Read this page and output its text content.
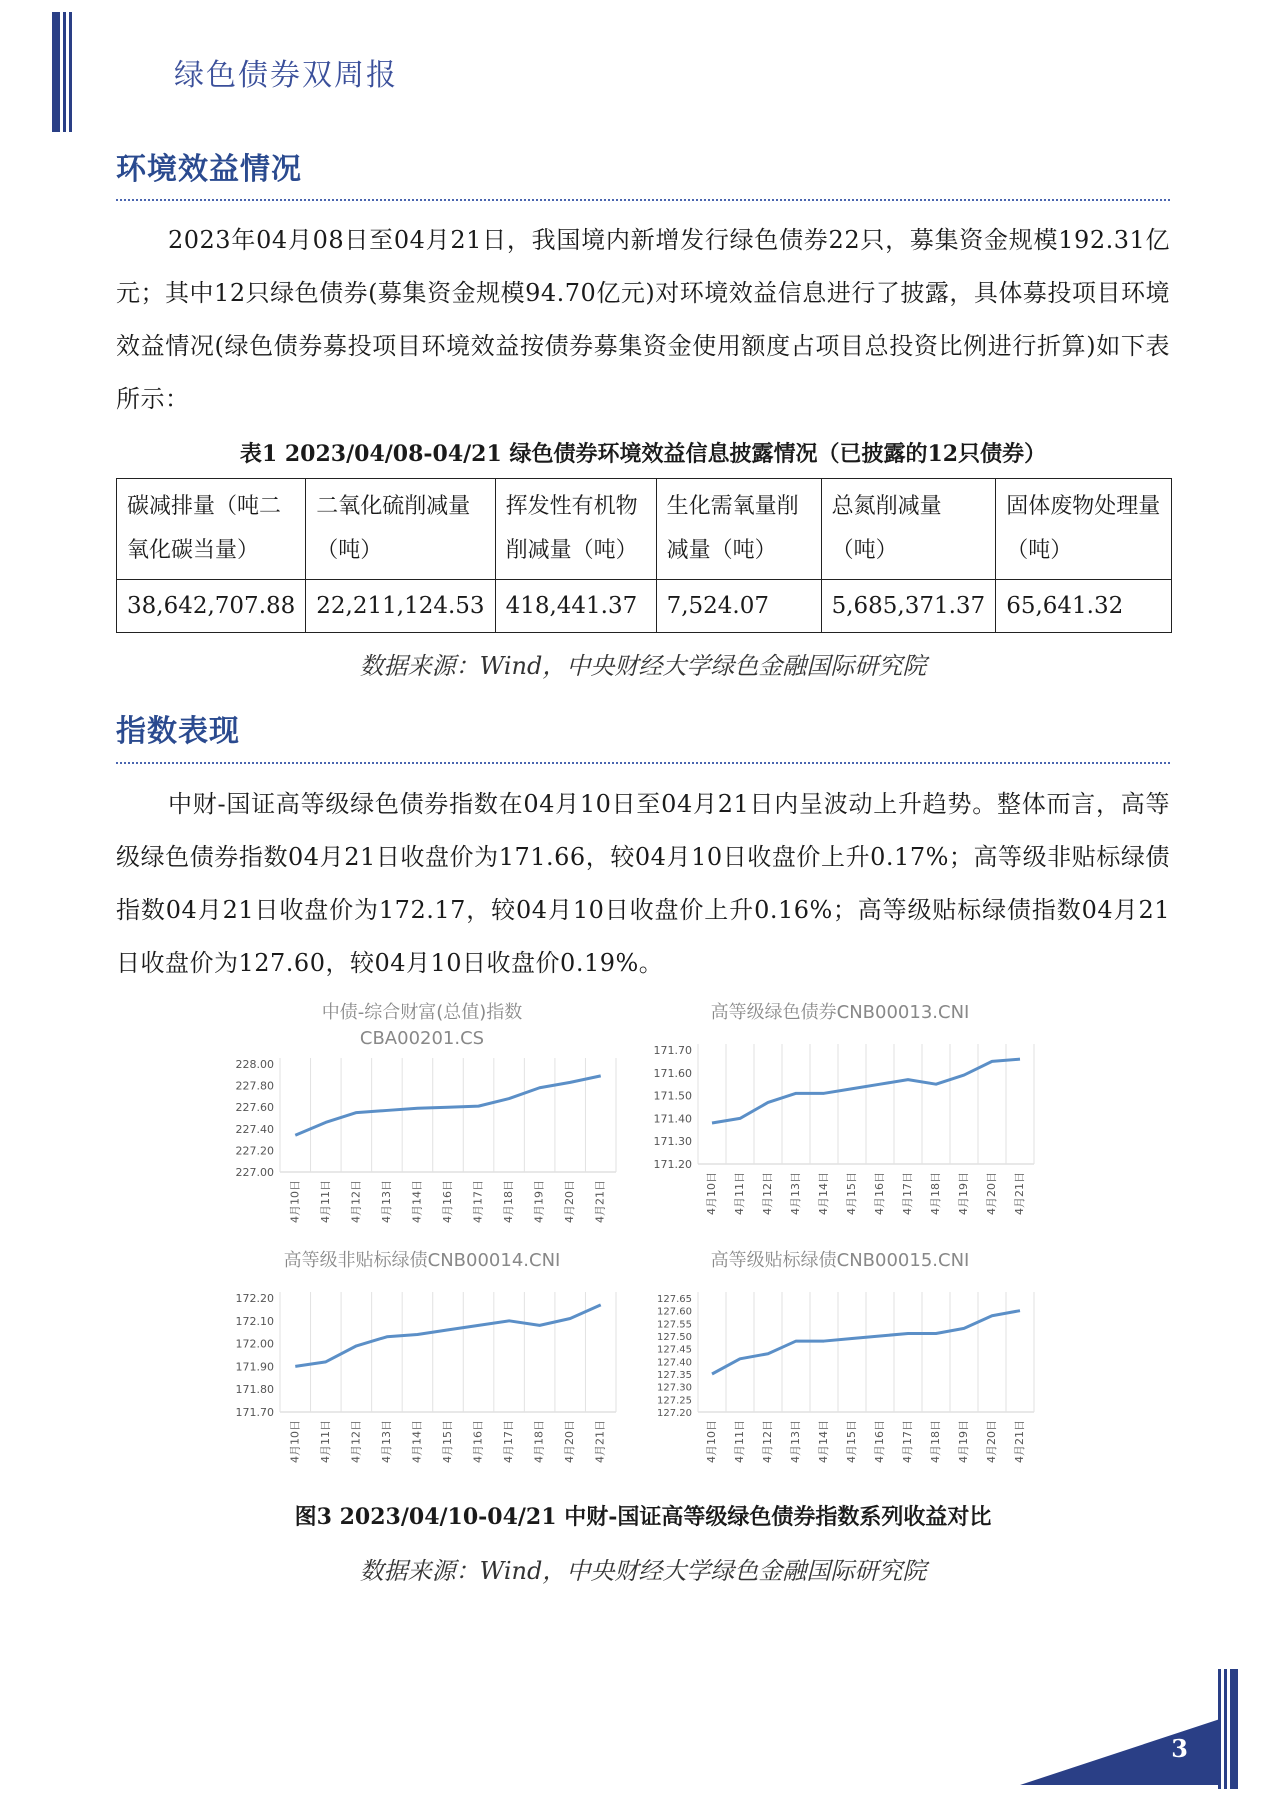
绿色债券双周报
环境效益情况
2023年04月08日至04月21日，我国境内新增发行绿色债券22只，募集资金规模192.31亿元；其中12只绿色债券(募集资金规模94.70亿元)对环境效益信息进行了披露，具体募投项目环境效益情况(绿色债券募投项目环境效益按债券募集资金使用额度占项目总投资比例进行折算)如下表所示：
表1 2023/04/08-04/21 绿色债券环境效益信息披露情况（已披露的12只债券）
碳减排量（吨二氧化碳当量）	二氧化硫削减量（吨）	挥发性有机物削减量（吨）	生化需氧量削减量（吨）	总氮削减量（吨）	固体废物处理量（吨）
38,642,707.88	22,211,124.53	418,441.37	7,524.07	5,685,371.37	65,641.32
数据来源：Wind，中央财经大学绿色金融国际研究院
指数表现
中财-国证高等级绿色债券指数在04月10日至04月21日内呈波动上升趋势。整体而言，高等级绿色债券指数04月21日收盘价为171.66，较04月10日收盘价上升0.17%；高等级非贴标绿债指数04月21日收盘价为172.17，较04月10日收盘价上升0.16%；高等级贴标绿债指数04月21日收盘价为127.60，较04月10日收盘价0.19%。
228.00
227.80
227.60
227.40
227.20
227.00
4月10日 4月11日 4月12日 4月13日 4月14日 4月16日 4月17日 4月18日 4月19日 4月20日 4月21日
中债-综合财富(总值)指数
CBA00201.CS
171.70
171.60
171.50
171.40
171.30
171.20
4月10日 4月11日 4月12日 4月13日 4月14日 4月15日 4月16日 4月17日 4月18日 4月19日 4月20日 4月21日
高等级绿色债券CNB00013.CNI
172.20
172.10
172.00
171.90
171.80
171.70
4月10日 4月11日 4月12日 4月13日 4月14日 4月15日 4月16日 4月17日 4月18日 4月20日 4月21日
高等级非贴标绿债CNB00014.CNI
127.65
127.60
127.55
127.50
127.45
127.40
127.35
127.30
127.25
127.20
4月10日 4月11日 4月12日 4月13日 4月14日 4月15日 4月16日 4月17日 4月18日 4月19日 4月20日 4月21日
高等级贴标绿债CNB00015.CNI
图3 2023/04/10-04/21 中财-国证高等级绿色债券指数系列收益对比
数据来源：Wind，中央财经大学绿色金融国际研究院
3
